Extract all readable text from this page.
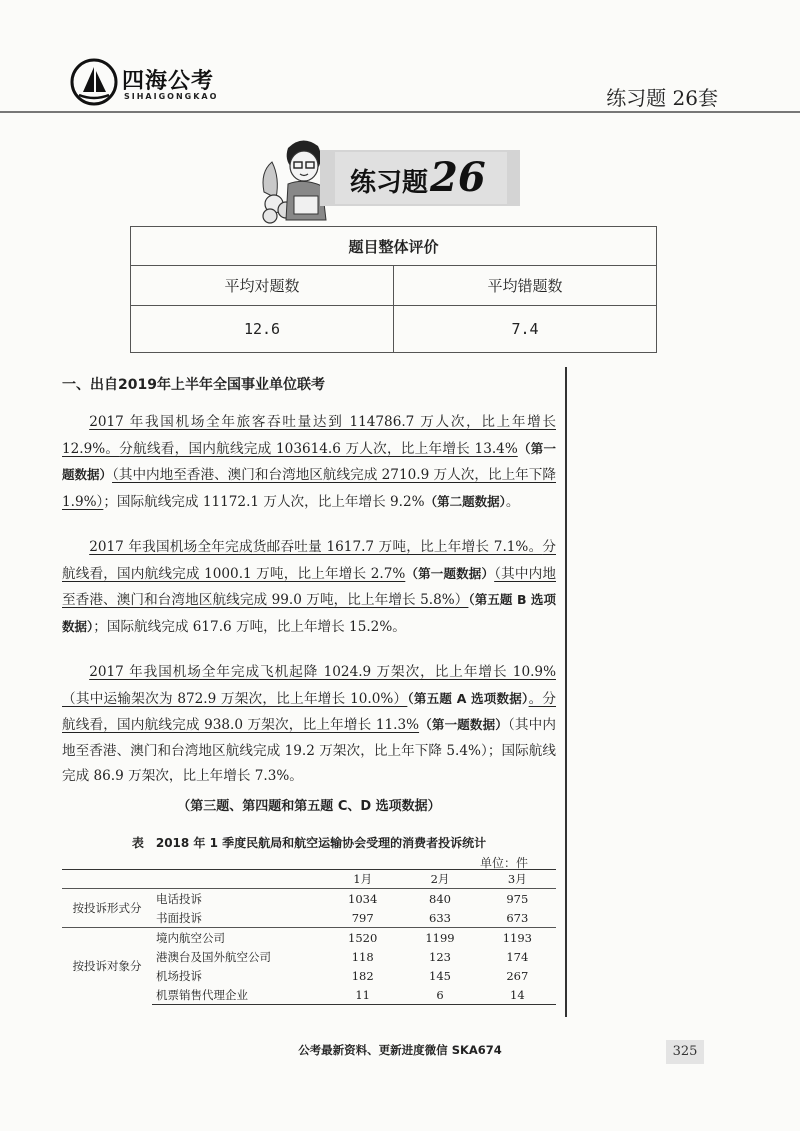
四海公考
SIHAIGONGKAO	练习题 26套
练习题26
题目整体评价	
平均对题数	平均错题数
12.6	7.4
一、出自2019年上半年全国事业单位联考
2017 年我国机场全年旅客吞吐量达到 114786.7 万人次，比上年增长 12.9%。分航线看，国内航线完成 103614.6 万人次，比上年增长 13.4%（第一题数据）（其中内地至香港、澳门和台湾地区航线完成 2710.9 万人次，比上年下降 1.9%）；国际航线完成 11172.1 万人次，比上年增长 9.2%（第二题数据）。
2017 年我国机场全年完成货邮吞吐量 1617.7 万吨，比上年增长 7.1%。分航线看，国内航线完成 1000.1 万吨，比上年增长 2.7%（第一题数据）（其中内地至香港、澳门和台湾地区航线完成 99.0 万吨，比上年增长 5.8%）（第五题 B 选项数据）；国际航线完成 617.6 万吨，比上年增长 15.2%。
2017 年我国机场全年完成飞机起降 1024.9 万架次，比上年增长 10.9%（其中运输架次为 872.9 万架次，比上年增长 10.0%）（第五题 A 选项数据）。分航线看，国内航线完成 938.0 万架次，比上年增长 11.3%（第一题数据）（其中内地至香港、澳门和台湾地区航线完成 19.2 万架次，比上年下降 5.4%）；国际航线完成 86.9 万架次，比上年增长 7.3%。
（第三题、第四题和第五题 C、D 选项数据）
表　2018 年 1 季度民航局和航空运输协会受理的消费者投诉统计
单位：件
		1月	2月	3月
按投诉形式分	电话投诉	1034	840	975
	书面投诉	797	633	673
按投诉对象分	境内航空公司	1520	1199	1193
	港澳台及国外航空公司	118	123	174
	机场投诉	182	145	267
	机票销售代理企业	11	6	14
公考最新资料、更新进度微信 SKA674	325
